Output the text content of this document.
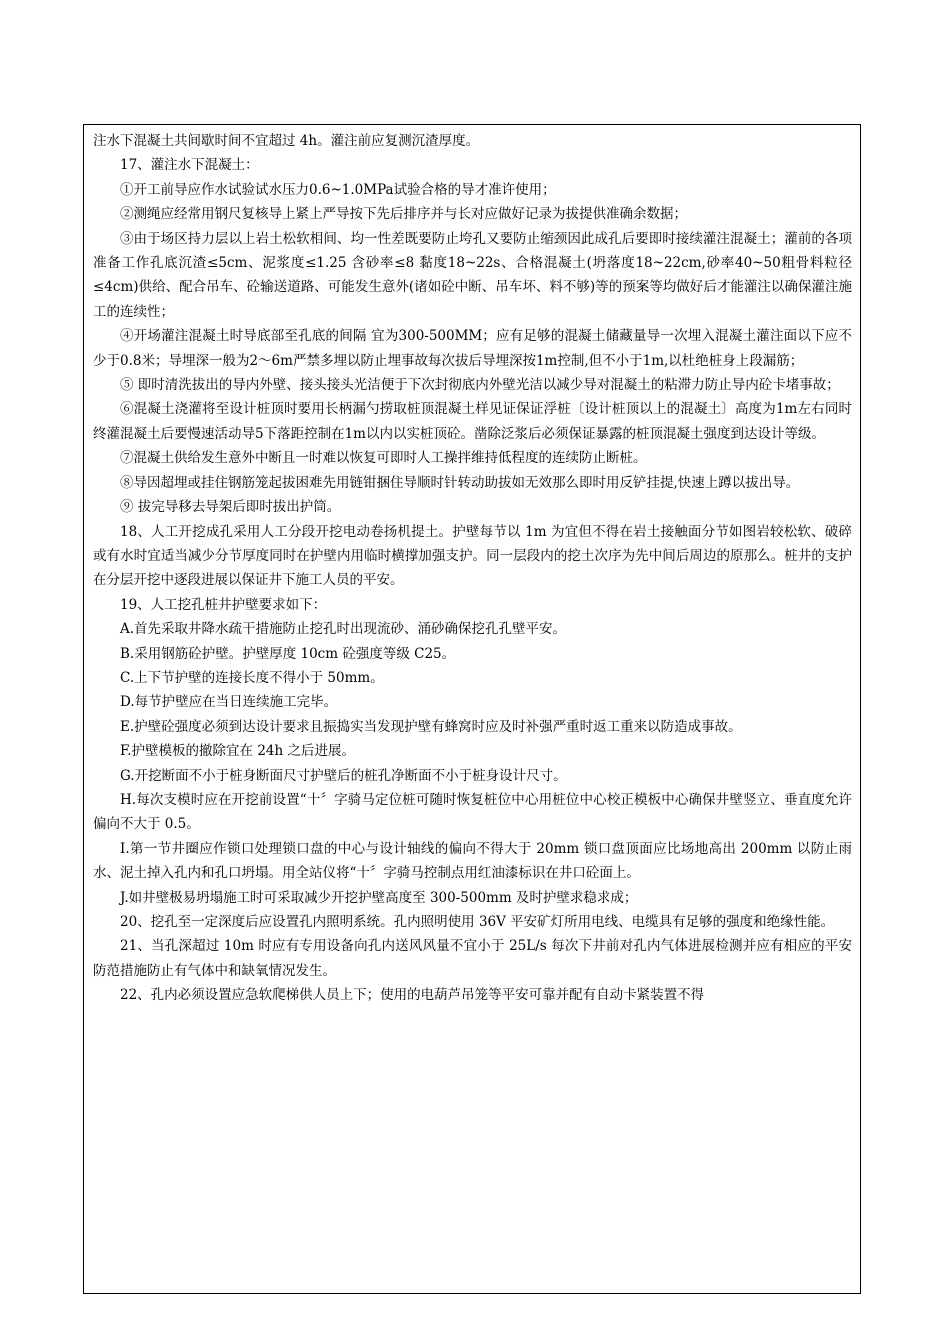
注水下混凝土共间歇时间不宜超过 4h。灌注前应复测沉渣厚度。

17、灌注水下混凝土：

①开工前导应作水试验试水压力0.6~1.0MPa试验合格的导才准许使用；

②测绳应经常用钢尺复核导上紧上严导按下先后排序并与长对应做好记录为拔提供准确余数据；

③由于场区持力层以上岩土松软相间、均一性差既要防止垮孔又要防止缩颈因此成孔后要即时接续灌注混凝土；灌前的各项准备工作孔底沉渣≤5cm、泥浆度≤1.25 含砂率≤8 黏度18~22s、合格混凝土(坍落度18~22cm,砂率40~50粗骨料粒径≤4cm)供给、配合吊车、砼输送道路、可能发生意外(诸如砼中断、吊车坏、料不够)等的预案等均做好后才能灌注以确保灌注施工的连续性；

④开场灌注混凝土时导底部至孔底的间隔 宜为300-500MM；应有足够的混凝土储藏量导一次埋入混凝土灌注面以下应不少于0.8米；导埋深一般为2～6m严禁多埋以防止埋事故每次拔后导埋深按1m控制,但不小于1m,以杜绝桩身上段漏筋；

⑤ 即时清洗拔出的导内外壁、接头接头光洁便于下次封彻底内外壁光洁以减少导对混凝土的粘滞力防止导内砼卡堵事故；

⑥混凝土浇灌将至设计桩顶时要用长柄漏勺捞取桩顶混凝土样见证保证浮桩〔设计桩顶以上的混凝土〕高度为1m左右同时终灌混凝土后要慢速活动导5下落距控制在1m以内以实桩顶砼。凿除泛浆后必须保证暴露的桩顶混凝土强度到达设计等级。

⑦混凝土供给发生意外中断且一时难以恢复可即时人工操拌维持低程度的连续防止断桩。

⑧导因超埋或挂住钢筋笼起拔困难先用链钳捆住导顺时针转动助拔如无效那么即时用反铲挂提,快速上蹲以拔出导。

⑨ 拔完导移去导架后即时拔出护筒。

18、人工开挖成孔采用人工分段开挖电动卷扬机提土。护壁每节以 1m 为宜但不得在岩土接触面分节如图岩较松软、破碎或有水时宜适当减少分节厚度同时在护壁内用临时横撑加强支护。同一层段内的挖土次序为先中间后周边的原那么。桩井的支护在分层开挖中逐段进展以保证井下施工人员的平安。

19、人工挖孔桩井护壁要求如下：

A.首先采取井降水疏干措施防止挖孔时出现流砂、涌砂确保挖孔孔壁平安。

B.采用钢筋砼护壁。护壁厚度 10cm 砼强度等级 C25。

C.上下节护壁的连接长度不得小于 50mm。

D.每节护壁应在当日连续施工完毕。

E.护壁砼强度必须到达设计要求且振捣实当发现护壁有蜂窝时应及时补强严重时返工重来以防造成事故。

F.护壁模板的撤除宜在 24h 之后进展。

G.开挖断面不小于桩身断面尺寸护壁后的桩孔净断面不小于桩身设计尺寸。

H.每次支模时应在开挖前设置“十〞字骑马定位桩可随时恢复桩位中心用桩位中心校正模板中心确保井壁竖立、垂直度允许偏向不大于 0.5。

I.第一节井圈应作锁口处理锁口盘的中心与设计轴线的偏向不得大于 20mm 锁口盘顶面应比场地高出 200mm 以防止雨水、泥土掉入孔内和孔口坍塌。用全站仪将“十〞字骑马控制点用红油漆标识在井口砼面上。

J.如井壁极易坍塌施工时可采取减少开挖护壁高度至 300-500mm 及时护壁求稳求成；

20、挖孔至一定深度后应设置孔内照明系统。孔内照明使用 36V 平安矿灯所用电线、电缆具有足够的强度和绝缘性能。

21、当孔深超过 10m 时应有专用设备向孔内送风风量不宜小于 25L/s 每次下井前对孔内气体进展检测并应有相应的平安防范措施防止有气体中和缺氧情况发生。

22、孔内必须设置应急软爬梯供人员上下；使用的电葫芦吊笼等平安可靠并配有自动卡紧装置不得
